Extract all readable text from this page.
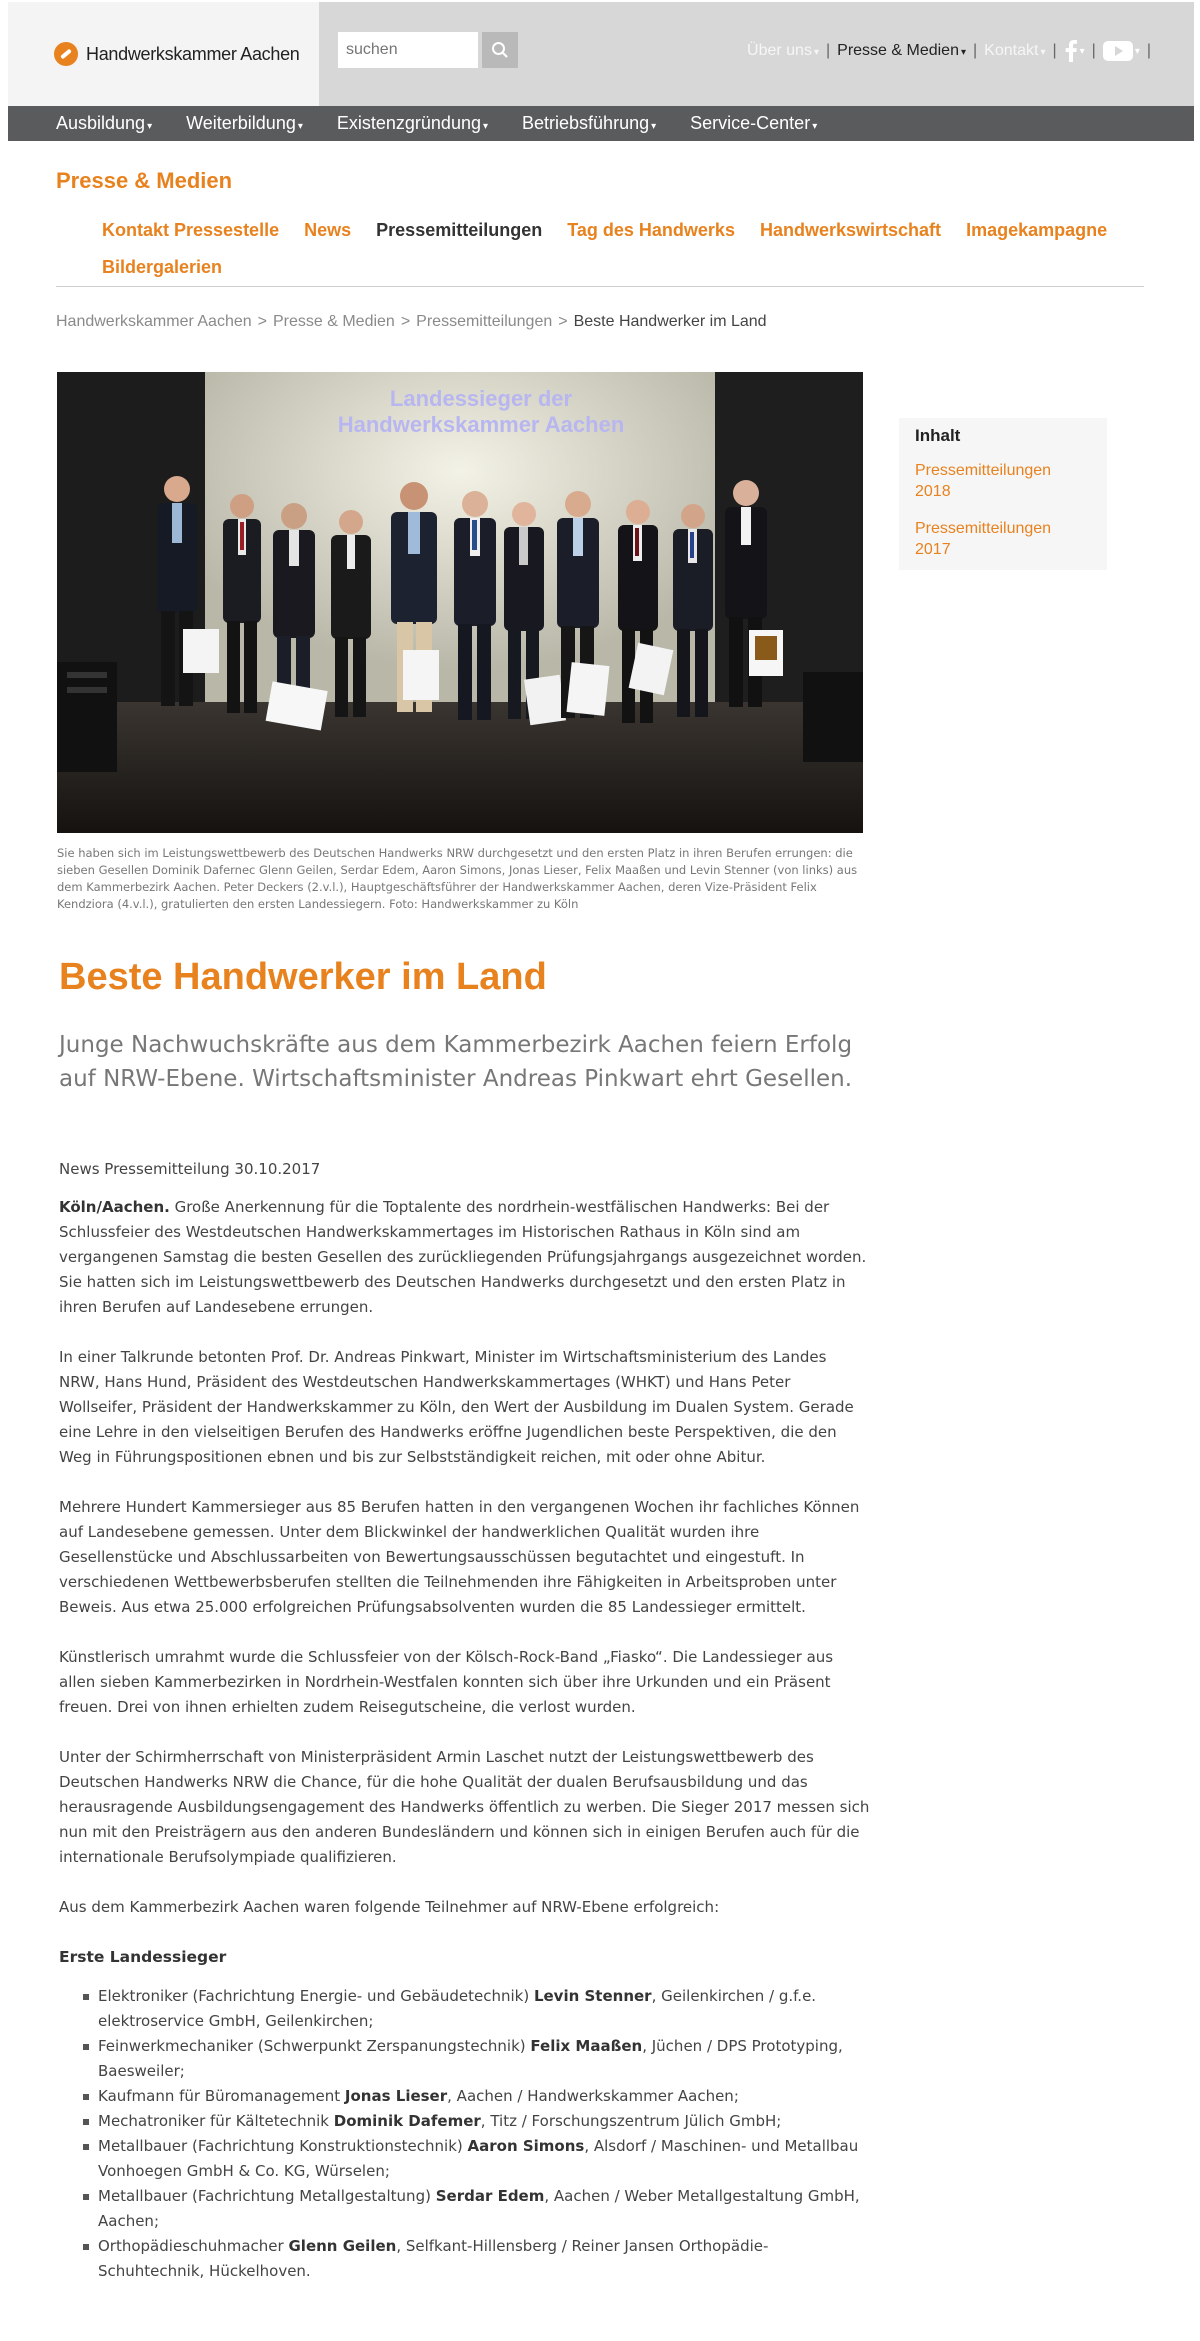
Handwerkskammer Aachen
suchen	Über uns ▾ | Presse & Medien ▾ | Kontakt ▾ | ▾ |	▾ |
Ausbildung ▾ Weiterbildung ▾ Existenzgründung ▾ Betriebsführung ▾ Service-Center ▾
Presse & Medien
Kontakt Pressestelle News Pressemitteilungen Tag des Handwerks Handwerkswirtschaft Imagekampagne
Bildergalerien
Handwerkskammer Aachen > Presse & Medien > Pressemitteilungen > Beste Handwerker im Land
Landessieger der
Handwerkskammer Aachen
Sie haben sich im Leistungswettbewerb des Deutschen Handwerks NRW durchgesetzt und den ersten Platz in ihren Berufen errungen: die sieben Gesellen Dominik Dafernec Glenn Geilen, Serdar Edem, Aaron Simons, Jonas Lieser, Felix Maaßen und Levin Stenner (von links) aus dem Kammerbezirk Aachen. Peter Deckers (2.v.l.), Hauptgeschäftsführer der Handwerkskammer Aachen, deren Vize-Präsident Felix Kendziora (4.v.l.), gratulierten den ersten Landessiegern. Foto: Handwerkskammer zu Köln
Inhalt
Pressemitteilungen 2018
Pressemitteilungen 2017
Beste Handwerker im Land
Junge Nachwuchskräfte aus dem Kammerbezirk Aachen feiern Erfolg auf NRW-Ebene. Wirtschaftsminister Andreas Pinkwart ehrt Gesellen.
News Pressemitteilung 30.10.2017

Köln/Aachen. Große Anerkennung für die Toptalente des nordrhein-westfälischen Handwerks: Bei der Schlussfeier des Westdeutschen Handwerkskammertages im Historischen Rathaus in Köln sind am vergangenen Samstag die besten Gesellen des zurückliegenden Prüfungsjahrgangs ausgezeichnet worden. Sie hatten sich im Leistungswettbewerb des Deutschen Handwerks durchgesetzt und den ersten Platz in ihren Berufen auf Landesebene errungen.

In einer Talkrunde betonten Prof. Dr. Andreas Pinkwart, Minister im Wirtschaftsministerium des Landes NRW, Hans Hund, Präsident des Westdeutschen Handwerkskammertages (WHKT) und Hans Peter Wollseifer, Präsident der Handwerkskammer zu Köln, den Wert der Ausbildung im Dualen System. Gerade eine Lehre in den vielseitigen Berufen des Handwerks eröffne Jugendlichen beste Perspektiven, die den Weg in Führungspositionen ebnen und bis zur Selbstständigkeit reichen, mit oder ohne Abitur.

Mehrere Hundert Kammersieger aus 85 Berufen hatten in den vergangenen Wochen ihr fachliches Können auf Landesebene gemessen. Unter dem Blickwinkel der handwerklichen Qualität wurden ihre Gesellenstücke und Abschlussarbeiten von Bewertungsausschüssen begutachtet und eingestuft. In verschiedenen Wettbewerbsberufen stellten die Teilnehmenden ihre Fähigkeiten in Arbeitsproben unter Beweis. Aus etwa 25.000 erfolgreichen Prüfungsabsolventen wurden die 85 Landessieger ermittelt.

Künstlerisch umrahmt wurde die Schlussfeier von der Kölsch-Rock-Band „Fiasko“. Die Landessieger aus allen sieben Kammerbezirken in Nordrhein-Westfalen konnten sich über ihre Urkunden und ein Präsent freuen. Drei von ihnen erhielten zudem Reisegutscheine, die verlost wurden.

Unter der Schirmherrschaft von Ministerpräsident Armin Laschet nutzt der Leistungswettbewerb des Deutschen Handwerks NRW die Chance, für die hohe Qualität der dualen Berufsausbildung und das herausragende Ausbildungsengagement des Handwerks öffentlich zu werben. Die Sieger 2017 messen sich nun mit den Preisträgern aus den anderen Bundesländern und können sich in einigen Berufen auch für die internationale Berufsolympiade qualifizieren.

Aus dem Kammerbezirk Aachen waren folgende Teilnehmer auf NRW-Ebene erfolgreich:

Erste Landessieger
Elektroniker (Fachrichtung Energie- und Gebäudetechnik) Levin Stenner, Geilenkirchen / g.f.e. elektroservice GmbH, Geilenkirchen;
Feinwerkmechaniker (Schwerpunkt Zerspanungstechnik) Felix Maaßen, Jüchen / DPS Prototyping, Baesweiler;
Kaufmann für Büromanagement Jonas Lieser, Aachen / Handwerkskammer Aachen;
Mechatroniker für Kältetechnik Dominik Dafemer, Titz / Forschungszentrum Jülich GmbH;
Metallbauer (Fachrichtung Konstruktionstechnik) Aaron Simons, Alsdorf / Maschinen- und Metallbau Vonhoegen GmbH & Co. KG, Würselen;
Metallbauer (Fachrichtung Metallgestaltung) Serdar Edem, Aachen / Weber Metallgestaltung GmbH, Aachen;
Orthopädieschuhmacher Glenn Geilen, Selfkant-Hillensberg / Reiner Jansen Orthopädie-Schuhtechnik, Hückelhoven.
